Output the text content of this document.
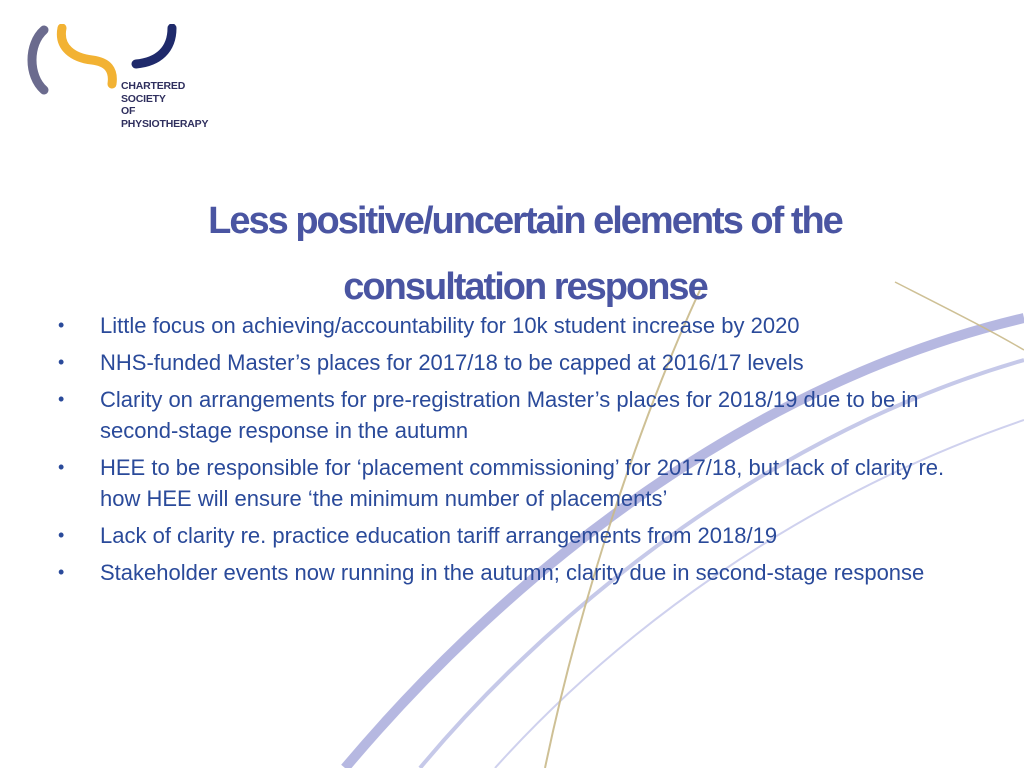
CHARTERED
SOCIETY
OF
PHYSIOTHERAPY
Less positive/uncertain elements of the
consultation response
• Little focus on achieving/accountability for 10k student increase by 2020
• NHS-funded Master’s places for 2017/18 to be capped at 2016/17 levels
• Clarity on arrangements for pre-registration Master’s places for 2018/19 due to be in second-stage response in the autumn
• HEE to be responsible for ‘placement commissioning’ for 2017/18, but lack of clarity re. how HEE will ensure ‘the minimum number of placements’
• Lack of clarity re. practice education tariff arrangements from 2018/19
• Stakeholder events now running in the autumn; clarity due in second-stage response
